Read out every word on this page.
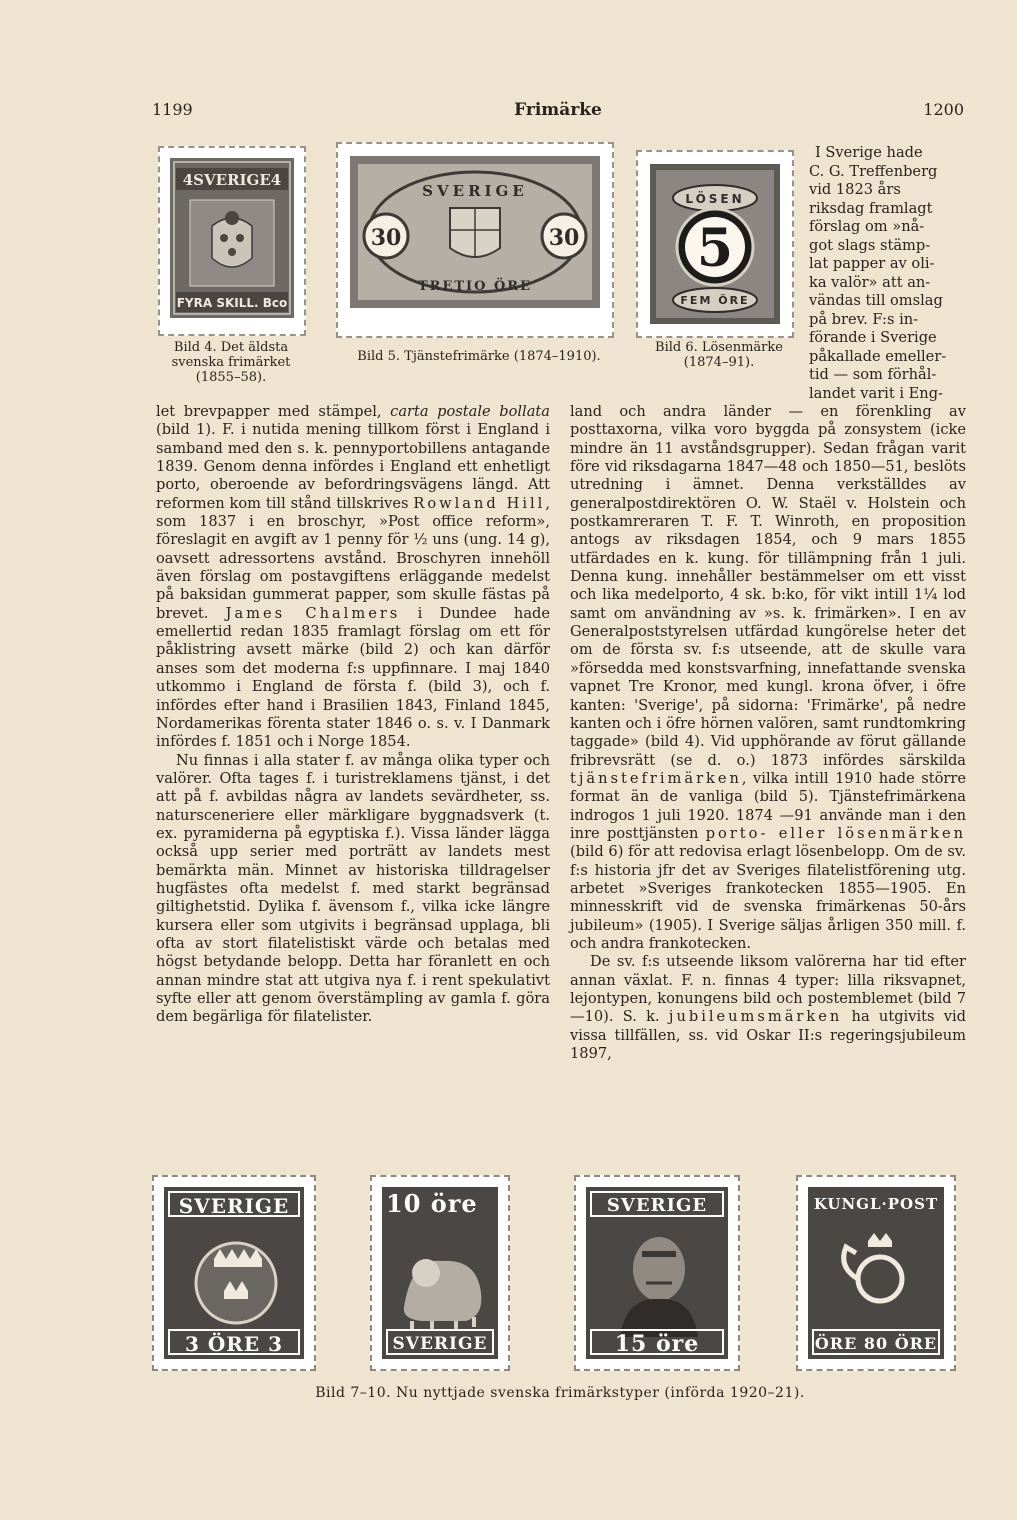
1199	Frimärke	1200
4SVERIGE4
FYRA SKILL. Bco
30	30
SVERIGE
TRETIO ÖRE
LÖSEN
5
FEM ÖRE
Bild 4. Det äldsta svenska frimärket (1855–58).
Bild 5. Tjänstefrimärke (1874–1910).
Bild 6. Lösenmärke (1874–91).
I Sverige hade
C. G. Treffenberg
vid 1823 års
riksdag framlagt
förslag om »nå-
got slags stämp-
lat papper av oli-
ka valör» att an-
vändas till omslag
på brev. F:s in-
förande i Sverige
påkallade emeller-
tid — som förhål-
landet varit i Eng-

let brevpapper med stämpel, carta postale bollata (bild 1). F. i nutida mening tillkom först i England i samband med den s. k. pennyportobillens antagande 1839. Genom denna infördes i England ett enhetligt porto, oberoende av befordringsvägens längd. Att reformen kom till stånd tillskrives Rowland Hill, som 1837 i en broschyr, »Post office reform», föreslagit en avgift av 1 penny för ½ uns (ung. 14 g), oavsett adressortens avstånd. Broschyren innehöll även förslag om postavgiftens erläggande medelst på baksidan gummerat papper, som skulle fästas på brevet. James Chalmers i Dundee hade emellertid redan 1835 framlagt förslag om ett för påklistring avsett märke (bild 2) och kan därför anses som det moderna f:s uppfinnare. I maj 1840 utkommo i England de första f. (bild 3), och f. infördes efter hand i Brasilien 1843, Finland 1845, Nordamerikas förenta stater 1846 o. s. v. I Danmark infördes f. 1851 och i Norge 1854.

Nu finnas i alla stater f. av många olika typer och valörer. Ofta tages f. i turistreklamens tjänst, i det att på f. avbildas några av landets sevärdheter, ss. natursceneriere eller märkligare byggnadsverk (t. ex. pyramiderna på egyptiska f.). Vissa länder lägga också upp serier med porträtt av landets mest bemärkta män. Minnet av historiska tilldragelser hugfästes ofta medelst f. med starkt begränsad giltighetstid. Dylika f. ävensom f., vilka icke längre kursera eller som utgivits i begränsad upplaga, bli ofta av stort filatelistiskt värde och betalas med högst betydande belopp. Detta har föranlett en och annan mindre stat att utgiva nya f. i rent spekulativt syfte eller att genom överstämpling av gamla f. göra dem begärliga för filatelister.

land och andra länder — en förenkling av posttaxorna, vilka voro byggda på zonsystem (icke mindre än 11 avståndsgrupper). Sedan frågan varit före vid riksdagarna 1847—48 och 1850—51, beslöts utredning i ämnet. Denna verkställdes av generalpostdirektören O. W. Staël v. Holstein och postkamreraren T. F. T. Winroth, en proposition antogs av riksdagen 1854, och 9 mars 1855 utfärdades en k. kung. för tillämpning från 1 juli. Denna kung. innehåller bestämmelser om ett visst och lika medelporto, 4 sk. b:ko, för vikt intill 1¼ lod samt om användning av »s. k. frimärken». I en av Generalpoststyrelsen utfärdad kungörelse heter det om de första sv. f:s utseende, att de skulle vara »försedda med konstsvarfning, innefattande svenska vapnet Tre Kronor, med kungl. krona öfver, i öfre kanten: 'Sverige', på sidorna: 'Frimärke', på nedre kanten och i öfre hörnen valören, samt rundtomkring taggade» (bild 4). Vid upphörande av förut gällande fribrevsrätt (se d. o.) 1873 infördes särskilda tjänstefrimärken, vilka intill 1910 hade större format än de vanliga (bild 5). Tjänstefrimärkena indrogos 1 juli 1920. 1874 —91 använde man i den inre posttjänsten porto- eller lösenmärken (bild 6) för att redovisa erlagt lösenbelopp. Om de sv. f:s historia jfr det av Sveriges filatelistförening utg. arbetet »Sveriges frankotecken 1855—1905. En minnesskrift vid de svenska frimärkenas 50-års jubileum» (1905). I Sverige säljas årligen 350 mill. f. och andra frankotecken.

De sv. f:s utseende liksom valörerna har tid efter annan växlat. F. n. finnas 4 typer: lilla riksvapnet, lejontypen, konungens bild och postemblemet (bild 7—10). S. k. jubileumsmärken ha utgivits vid vissa tillfällen, ss. vid Oskar II:s regeringsjubileum 1897,

SVERIGE
3 ÖRE 3
10 öre
SVERIGE
SVERIGE
15 öre
KUNGL·POST
ÖRE 80 ÖRE
Bild 7–10. Nu nyttjade svenska frimärkstyper (införda 1920–21).
